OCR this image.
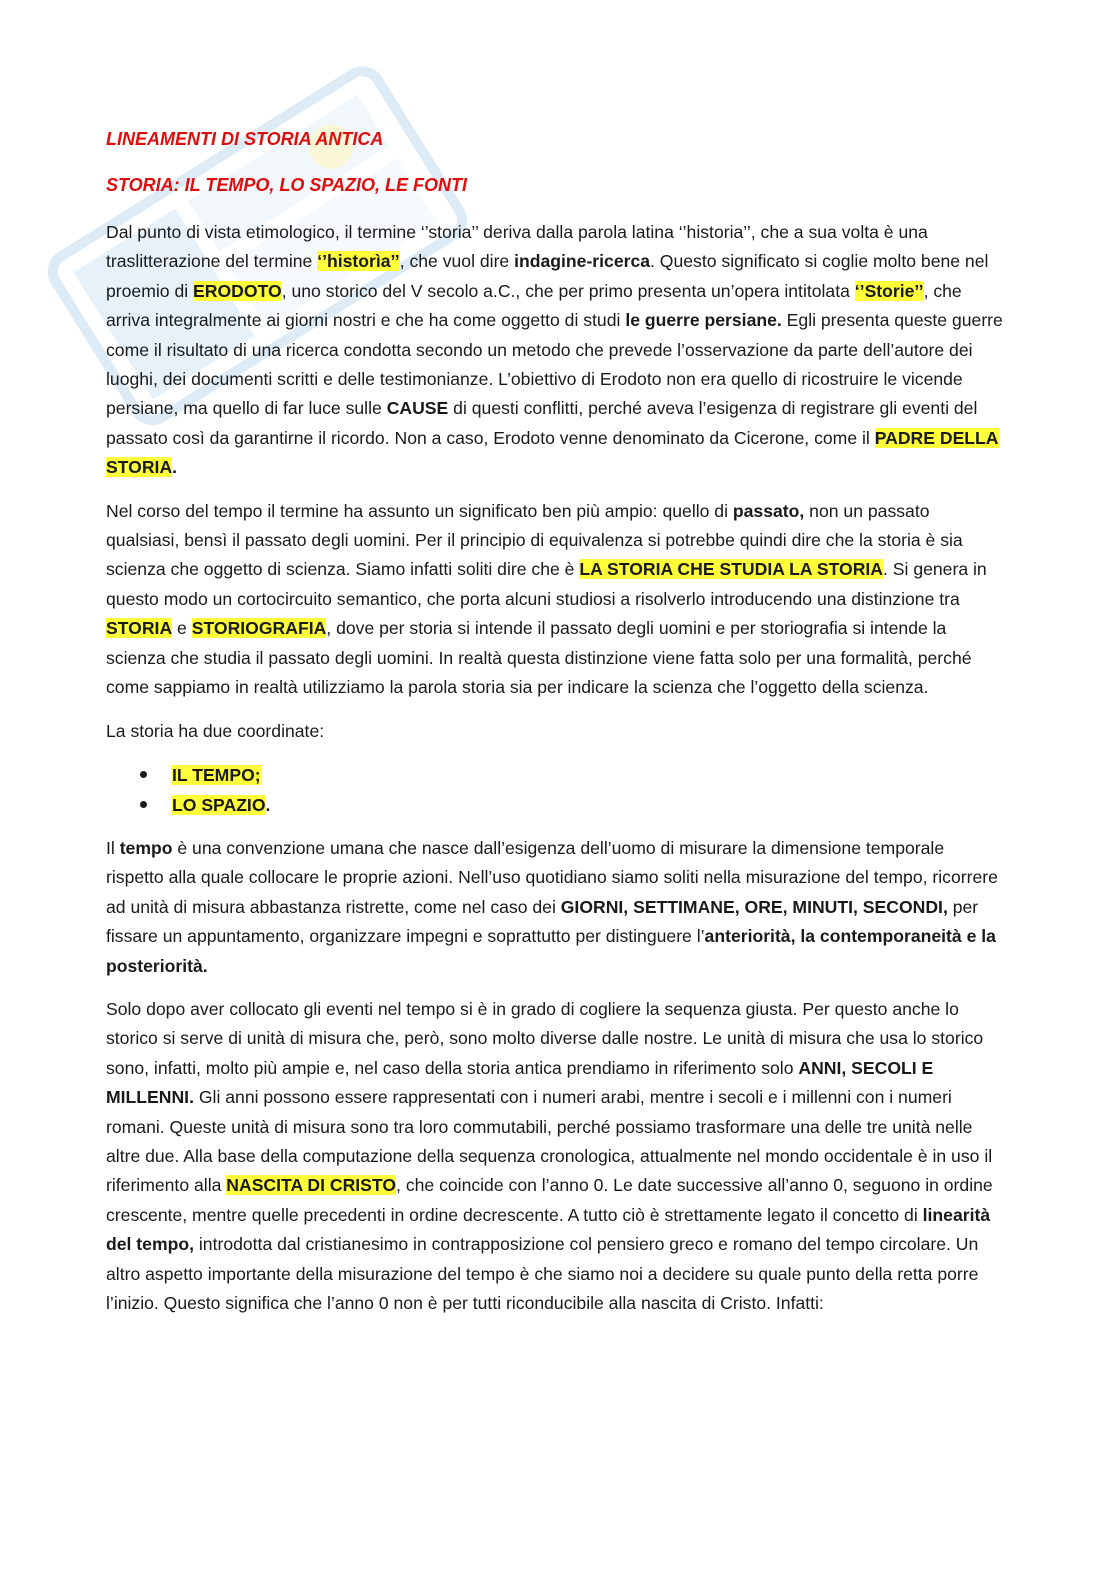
LINEAMENTI DI STORIA ANTICA
STORIA: IL TEMPO, LO SPAZIO, LE FONTI

Dal punto di vista etimologico, il termine ‘’storia’’ deriva dalla parola latina ‘’historia’’, che a sua volta è una traslitterazione del termine ‘’historìa’’, che vuol dire indagine-ricerca. Questo significato si coglie molto bene nel proemio di ERODOTO, uno storico del V secolo a.C., che per primo presenta un’opera intitolata ‘’Storie’’, che arriva integralmente ai giorni nostri e che ha come oggetto di studi le guerre persiane. Egli presenta queste guerre come il risultato di una ricerca condotta secondo un metodo che prevede l’osservazione da parte dell’autore dei luoghi, dei documenti scritti e delle testimonianze. L’obiettivo di Erodoto non era quello di ricostruire le vicende persiane, ma quello di far luce sulle CAUSE di questi conflitti, perché aveva l’esigenza di registrare gli eventi del passato così da garantirne il ricordo. Non a caso, Erodoto venne denominato da Cicerone, come il PADRE DELLA STORIA.

Nel corso del tempo il termine ha assunto un significato ben più ampio: quello di passato, non un passato qualsiasi, bensì il passato degli uomini. Per il principio di equivalenza si potrebbe quindi dire che la storia è sia scienza che oggetto di scienza. Siamo infatti soliti dire che è LA STORIA CHE STUDIA LA STORIA. Si genera in questo modo un cortocircuito semantico, che porta alcuni studiosi a risolverlo introducendo una distinzione tra STORIA e STORIOGRAFIA, dove per storia si intende il passato degli uomini e per storiografia si intende la scienza che studia il passato degli uomini. In realtà questa distinzione viene fatta solo per una formalità, perché come sappiamo in realtà utilizziamo la parola storia sia per indicare la scienza che l’oggetto della scienza.

La storia ha due coordinate:

IL TEMPO;
LO SPAZIO.

Il tempo è una convenzione umana che nasce dall’esigenza dell’uomo di misurare la dimensione temporale rispetto alla quale collocare le proprie azioni. Nell’uso quotidiano siamo soliti nella misurazione del tempo, ricorrere ad unità di misura abbastanza ristrette, come nel caso dei GIORNI, SETTIMANE, ORE, MINUTI, SECONDI, per fissare un appuntamento, organizzare impegni e soprattutto per distinguere l’anteriorità, la contemporaneità e la posteriorità.

Solo dopo aver collocato gli eventi nel tempo si è in grado di cogliere la sequenza giusta. Per questo anche lo storico si serve di unità di misura che, però, sono molto diverse dalle nostre. Le unità di misura che usa lo storico sono, infatti, molto più ampie e, nel caso della storia antica prendiamo in riferimento solo ANNI, SECOLI E MILLENNI. Gli anni possono essere rappresentati con i numeri arabi, mentre i secoli e i millenni con i numeri romani. Queste unità di misura sono tra loro commutabili, perché possiamo trasformare una delle tre unità nelle altre due. Alla base della computazione della sequenza cronologica, attualmente nel mondo occidentale è in uso il riferimento alla NASCITA DI CRISTO, che coincide con l’anno 0. Le date successive all’anno 0, seguono in ordine crescente, mentre quelle precedenti in ordine decrescente. A tutto ciò è strettamente legato il concetto di linearità del tempo, introdotta dal cristianesimo in contrapposizione col pensiero greco e romano del tempo circolare. Un altro aspetto importante della misurazione del tempo è che siamo noi a decidere su quale punto della retta porre l’inizio. Questo significa che l’anno 0 non è per tutti riconducibile alla nascita di Cristo. Infatti:
